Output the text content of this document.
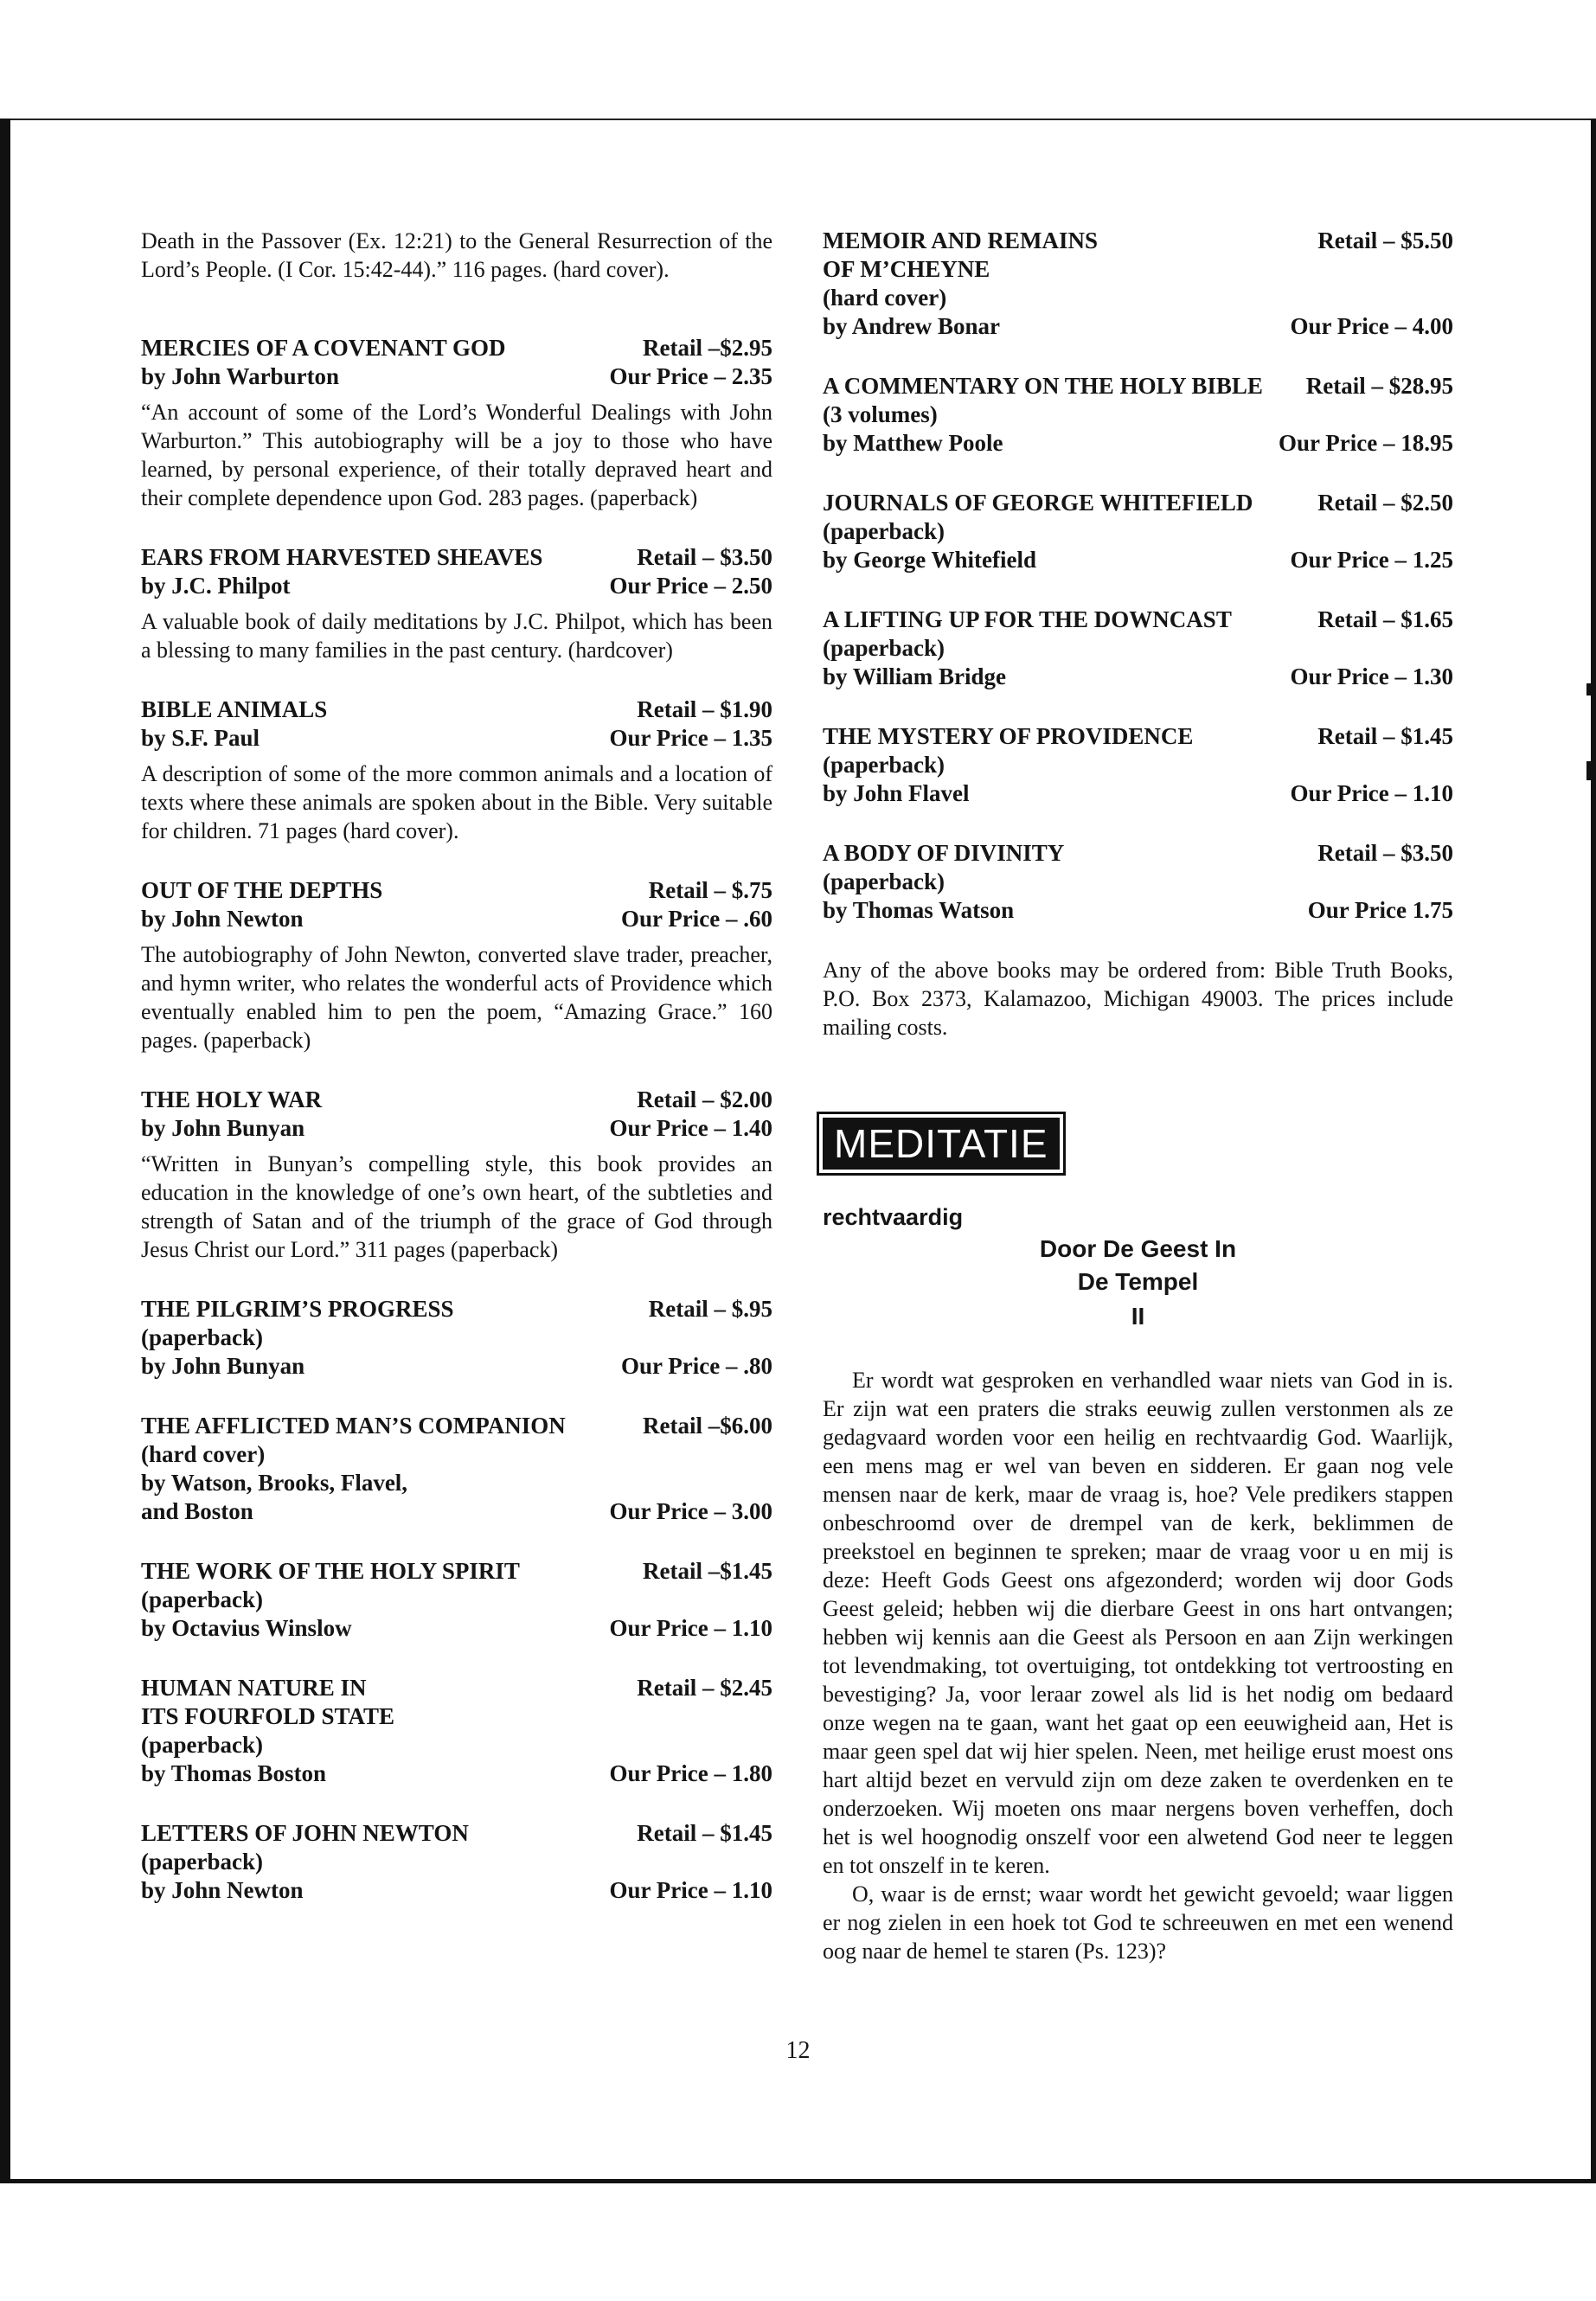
Death in the Passover (Ex. 12:21) to the General Resurrection of the Lord’s People. (I Cor. 15:42-44).” 116 pages. (hard cover).

MERCIES OF A COVENANT GOD	Retail –$2.95
by John Warburton	Our Price – 2.35
“An account of some of the Lord’s Wonderful Dealings with John Warburton.” This autobiography will be a joy to those who have learned, by personal experience, of their totally depraved heart and their complete dependence upon God. 283 pages. (paperback)
EARS FROM HARVESTED SHEAVES	Retail – $3.50
by J.C. Philpot	Our Price – 2.50
A valuable book of daily meditations by J.C. Philpot, which has been a blessing to many families in the past century. (hardcover)
BIBLE ANIMALS	Retail – $1.90
by S.F. Paul	Our Price – 1.35
A description of some of the more common animals and a location of texts where these animals are spoken about in the Bible. Very suitable for children. 71 pages (hard cover).
OUT OF THE DEPTHS	Retail – $.75
by John Newton	Our Price – .60
The autobiography of John Newton, converted slave trader, preacher, and hymn writer, who relates the wonderful acts of Providence which eventually enabled him to pen the poem, “Amazing Grace.” 160 pages. (paperback)
THE HOLY WAR	Retail – $2.00
by John Bunyan	Our Price – 1.40
“Written in Bunyan’s compelling style, this book provides an education in the knowledge of one’s own heart, of the subtleties and strength of Satan and of the triumph of the grace of God through Jesus Christ our Lord.” 311 pages (paperback)
THE PILGRIM’S PROGRESS	Retail – $.95
(paperback)
by John Bunyan	Our Price – .80
THE AFFLICTED MAN’S COMPANION	Retail –$6.00
(hard cover)
by Watson, Brooks, Flavel,
and Boston	Our Price – 3.00
THE WORK OF THE HOLY SPIRIT	Retail –$1.45
(paperback)
by Octavius Winslow	Our Price – 1.10
HUMAN NATURE IN	Retail – $2.45
ITS FOURFOLD STATE
(paperback)
by Thomas Boston	Our Price – 1.80
LETTERS OF JOHN NEWTON	Retail – $1.45
(paperback)
by John Newton	Our Price – 1.10
MEMOIR AND REMAINS	Retail – $5.50
OF M’CHEYNE
(hard cover)
by Andrew Bonar	Our Price – 4.00
A COMMENTARY ON THE HOLY BIBLE Retail – $28.95
(3 volumes)
by Matthew Poole	Our Price – 18.95
JOURNALS OF GEORGE WHITEFIELD	Retail – $2.50
(paperback)
by George Whitefield	Our Price – 1.25
A LIFTING UP FOR THE DOWNCAST	Retail – $1.65
(paperback)
by William Bridge	Our Price – 1.30
THE MYSTERY OF PROVIDENCE	Retail – $1.45
(paperback)
by John Flavel	Our Price – 1.10
A BODY OF DIVINITY	Retail – $3.50
(paperback)
by Thomas Watson	Our Price 1.75
Any of the above books may be ordered from: Bible Truth Books, P.O. Box 2373, Kalamazoo, Michigan 49003. The prices include mailing costs.
MEDITATIE
rechtvaardig
Door De Geest In
De Tempel
II

Er wordt wat gesproken en verhandled waar niets van God in is. Er zijn wat een praters die straks eeuwig zullen verstonmen als ze gedagvaard worden voor een heilig en rechtvaardig God. Waarlijk, een mens mag er wel van beven en sidderen. Er gaan nog vele mensen naar de kerk, maar de vraag is, hoe? Vele predikers stappen onbeschroomd over de drempel van de kerk, beklimmen de preekstoel en beginnen te spreken; maar de vraag voor u en mij is deze: Heeft Gods Geest ons afgezonderd; worden wij door Gods Geest geleid; hebben wij die dierbare Geest in ons hart ontvangen; hebben wij kennis aan die Geest als Persoon en aan Zijn werkingen tot levendmaking, tot overtuiging, tot ontdekking tot vertroosting en bevestiging? Ja, voor leraar zowel als lid is het nodig om bedaard onze wegen na te gaan, want het gaat op een eeuwigheid aan, Het is maar geen spel dat wij hier spelen. Neen, met heilige erust moest ons hart altijd bezet en vervuld zijn om deze zaken te overdenken en te onderzoeken. Wij moeten ons maar nergens boven verheffen, doch het is wel hoognodig onszelf voor een alwetend God neer te leggen en tot onszelf in te keren.

O, waar is de ernst; waar wordt het gewicht gevoeld; waar liggen er nog zielen in een hoek tot God te schreeuwen en met een wenend oog naar de hemel te staren (Ps. 123)?

12
